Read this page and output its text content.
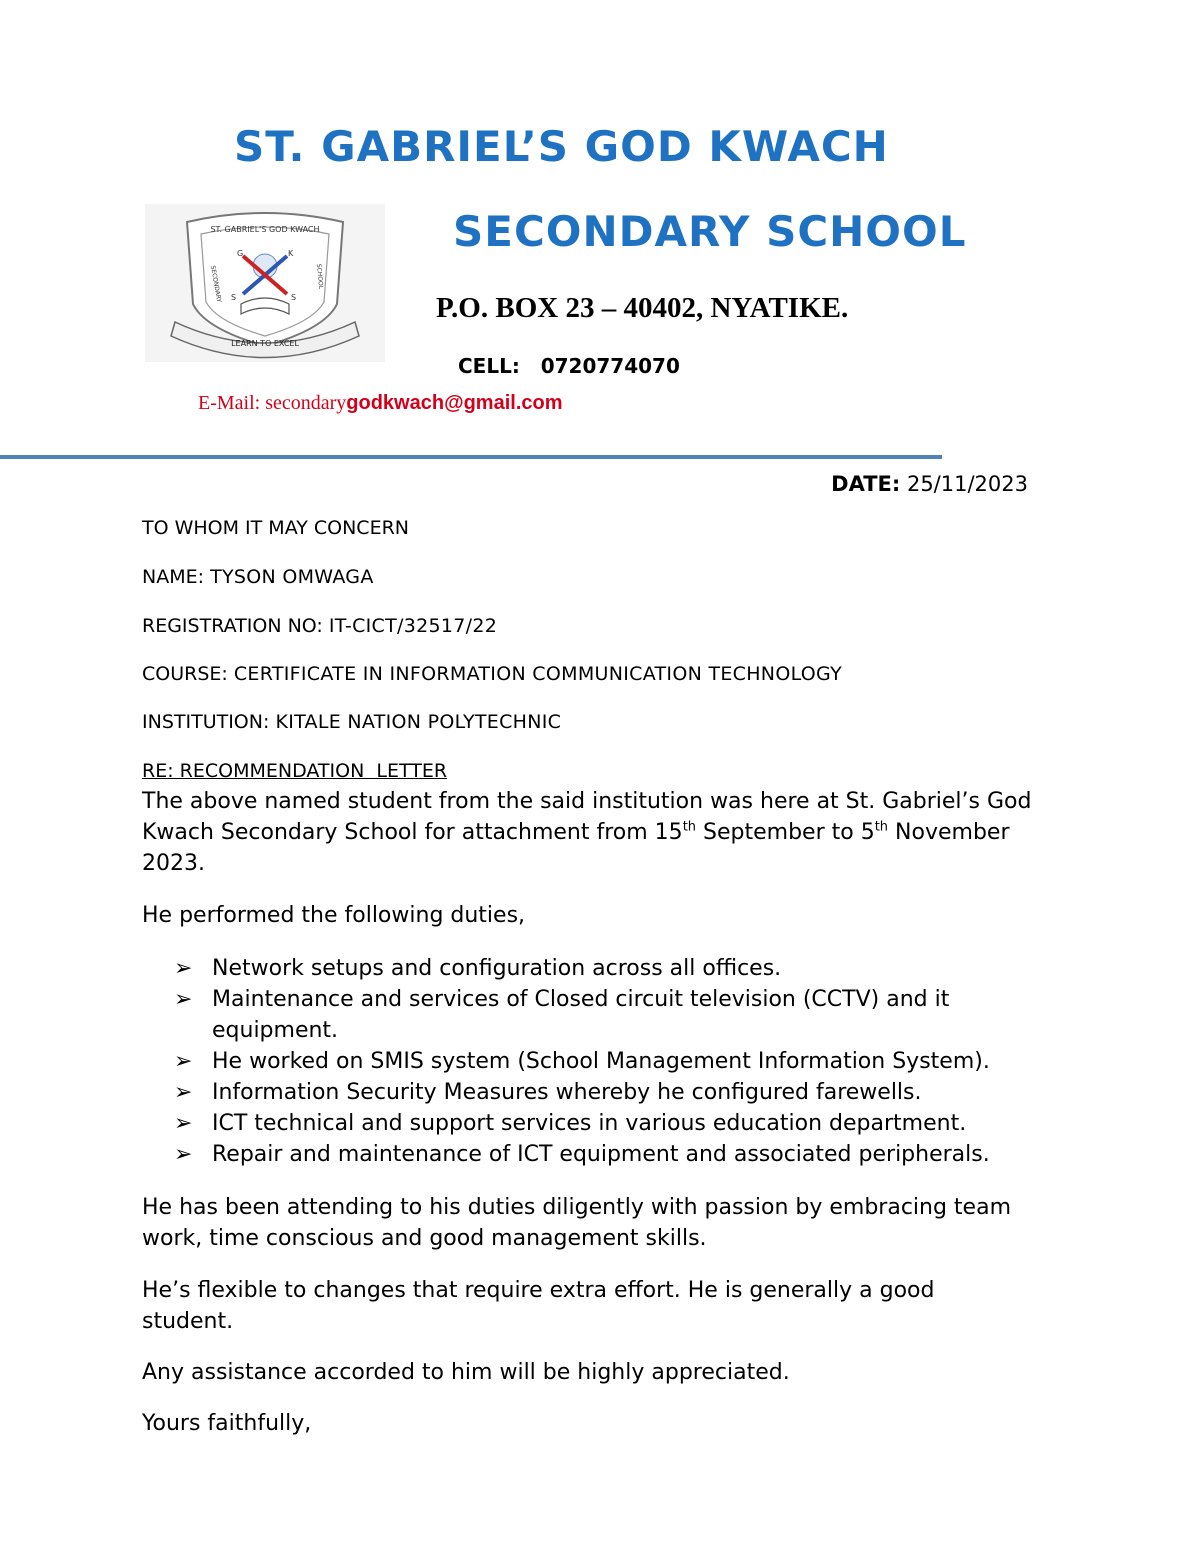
ST. GABRIEL’S GOD KWACH
ST. GABRIEL'S GOD KWACH
SECONDARY	SCHOOL
G	K
S	S
LEARN TO EXCEL
SECONDARY SCHOOL
P.O. BOX 23 – 40402, NYATIKE.
CELL: 0720774070
E-Mail: secondarygodkwach@gmail.com
DATE: 25/11/2023
TO WHOM IT MAY CONCERN
NAME: TYSON OMWAGA
REGISTRATION NO: IT-CICT/32517/22
COURSE: CERTIFICATE IN INFORMATION COMMUNICATION TECHNOLOGY
INSTITUTION: KITALE NATION POLYTECHNIC
RE: RECOMMENDATION  LETTER
The above named student from the said institution was here at St. Gabriel’s God Kwach Secondary School for attachment from 15th September to 5th November 2023.
He performed the following duties,
➢ Network setups and configuration across all offices.
➢ Maintenance and services of Closed circuit television (CCTV) and it equipment.
➢ He worked on SMIS system (School Management Information System).
➢ Information Security Measures whereby he configured farewells.
➢ ICT technical and support services in various education department.
➢ Repair and maintenance of ICT equipment and associated peripherals.
He has been attending to his duties diligently with passion by embracing team work, time conscious and good management skills.
He’s flexible to changes that require extra effort. He is generally a good student.
Any assistance accorded to him will be highly appreciated.
Yours faithfully,
